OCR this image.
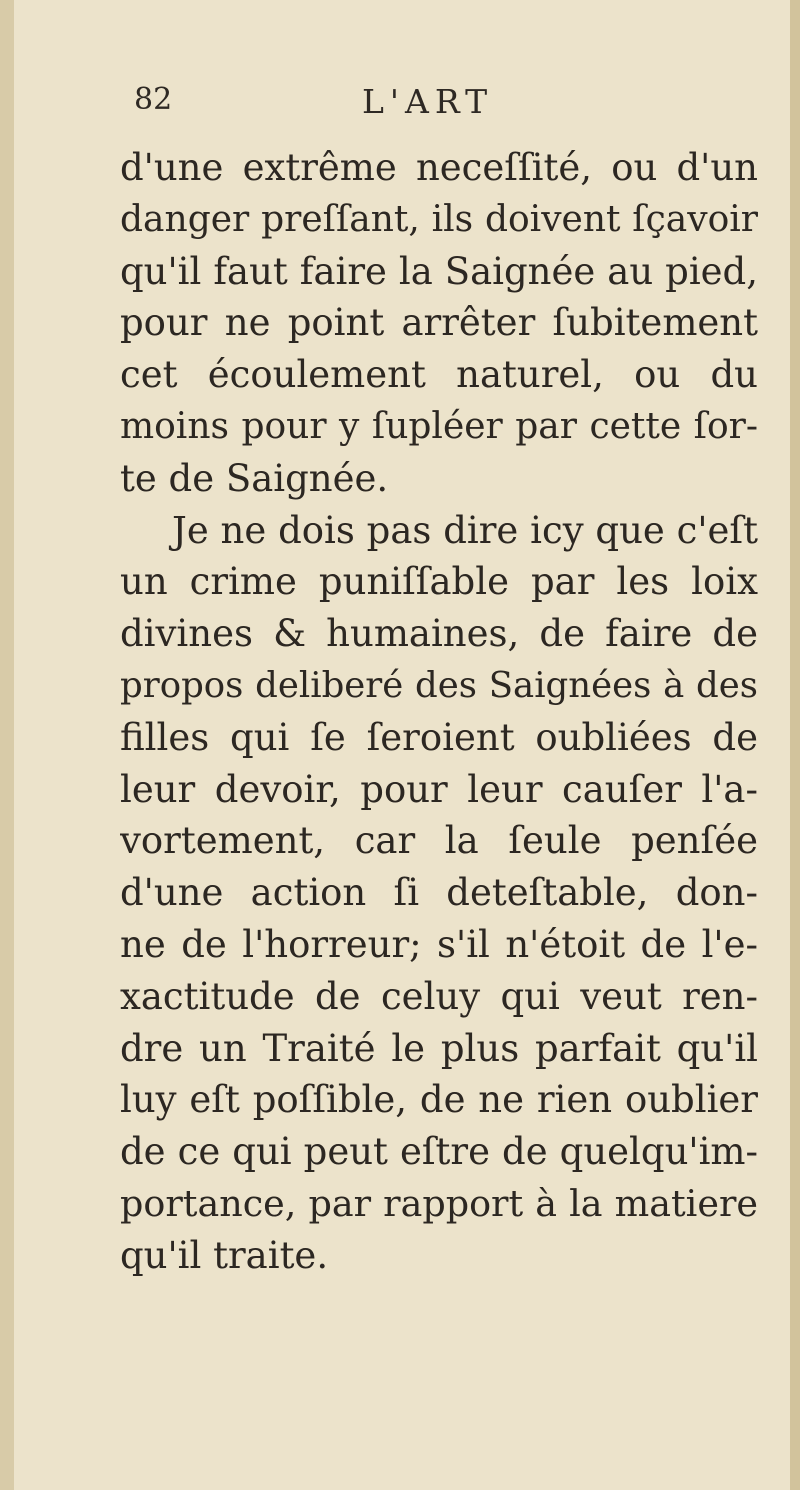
82	L'ART
d'une extrême neceſſité, ou d'un
danger preſſant, ils doivent ſçavoir
qu'il faut faire la Saignée au pied,
pour ne point arrêter ſubitement
cet écoulement naturel, ou du
moins pour y ſupléer par cette ſor-
te de Saignée.
Je ne dois pas dire icy que c'eſt
un crime puniſſable par les loix
divines & humaines, de faire de
propos deliberé des Saignées à des
filles qui ſe ſeroient oubliées de
leur devoir, pour leur cauſer l'a-
vortement, car la ſeule penſée
d'une action ſi deteſtable, don-
ne de l'horreur; s'il n'étoit de l'e-
xactitude de celuy qui veut ren-
dre un Traité le plus parfait qu'il
luy eſt poſſible, de ne rien oublier
de ce qui peut eſtre de quelqu'im-
portance, par rapport à la matiere
qu'il traite.
